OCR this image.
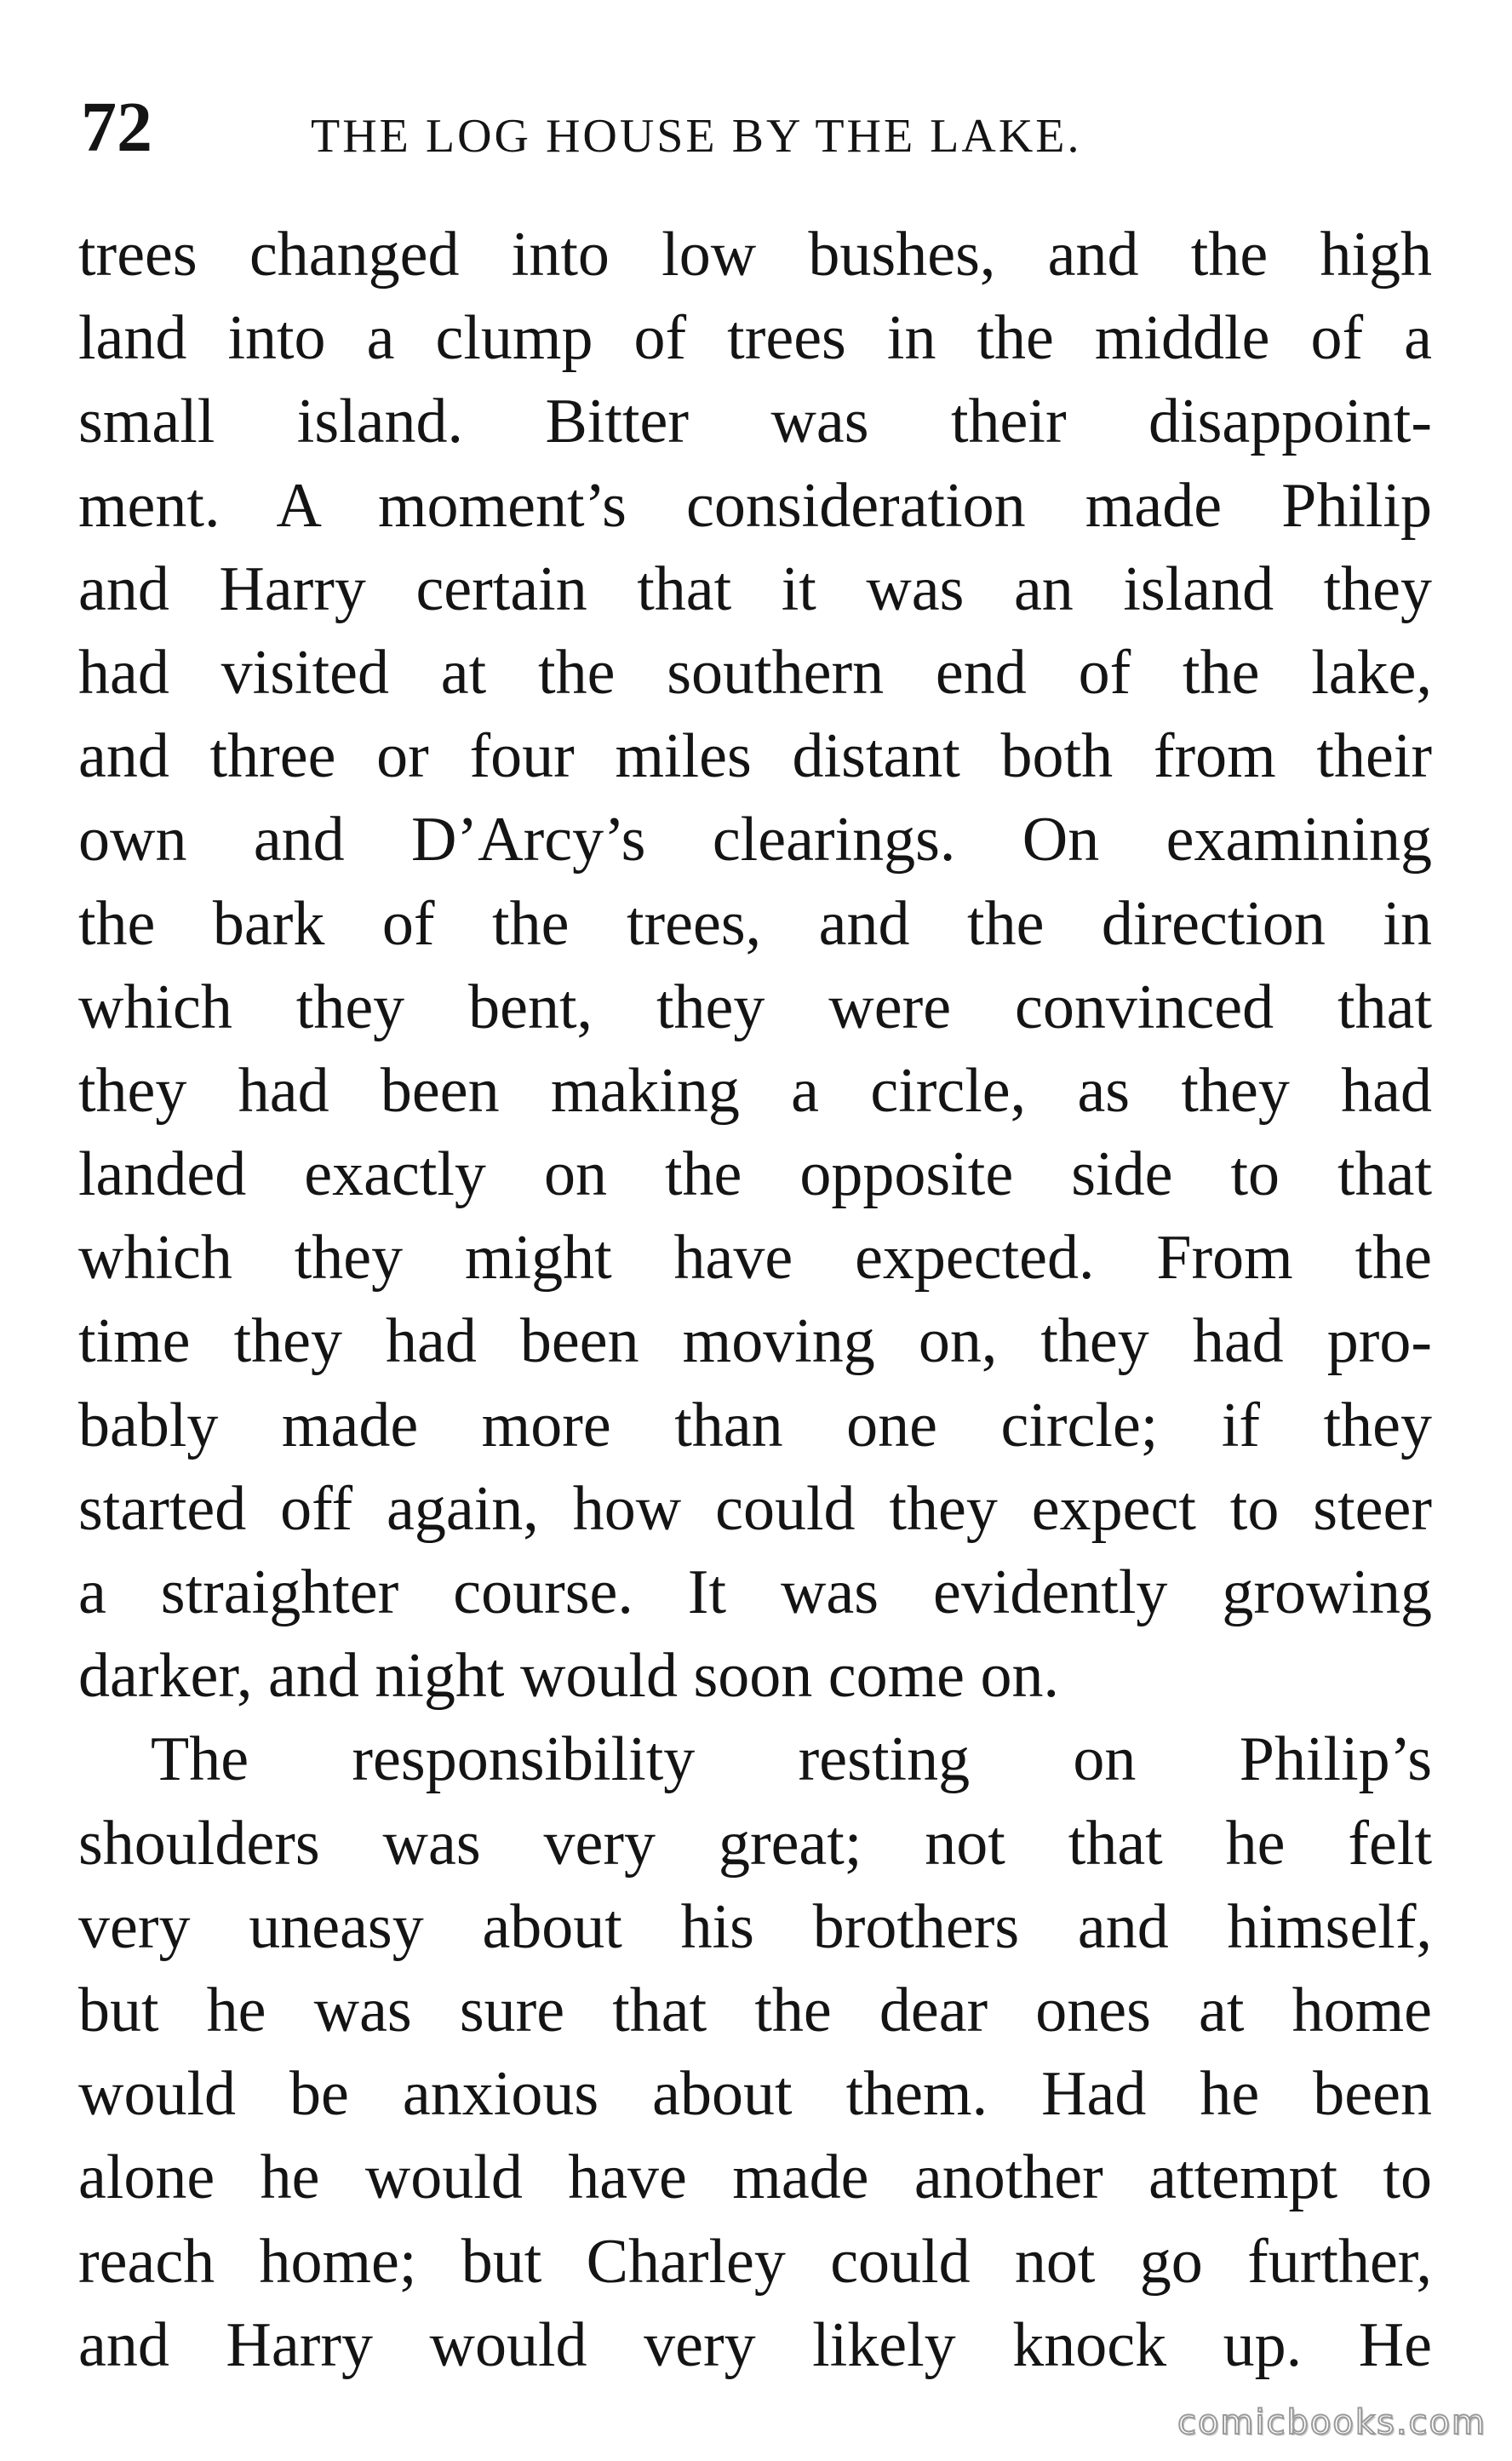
72	THE LOG HOUSE BY THE LAKE.
trees changed into low bushes, and the high
land into a clump of trees in the middle of a
small island. Bitter was their disappoint-
ment. A moment’s consideration made Philip
and Harry certain that it was an island they
had visited at the southern end of the lake,
and three or four miles distant both from their
own and D’Arcy’s clearings. On examining
the bark of the trees, and the direction in
which they bent, they were convinced that
they had been making a circle, as they had
landed exactly on the opposite side to that
which they might have expected. From the
time they had been moving on, they had pro-
bably made more than one circle; if they
started off again, how could they expect to steer
a straighter course. It was evidently growing
darker, and night would soon come on.
The responsibility resting on Philip’s
shoulders was very great; not that he felt
very uneasy about his brothers and himself,
but he was sure that the dear ones at home
would be anxious about them. Had he been
alone he would have made another attempt to
reach home; but Charley could not go further,
and Harry would very likely knock up. He
comicbooks.com
